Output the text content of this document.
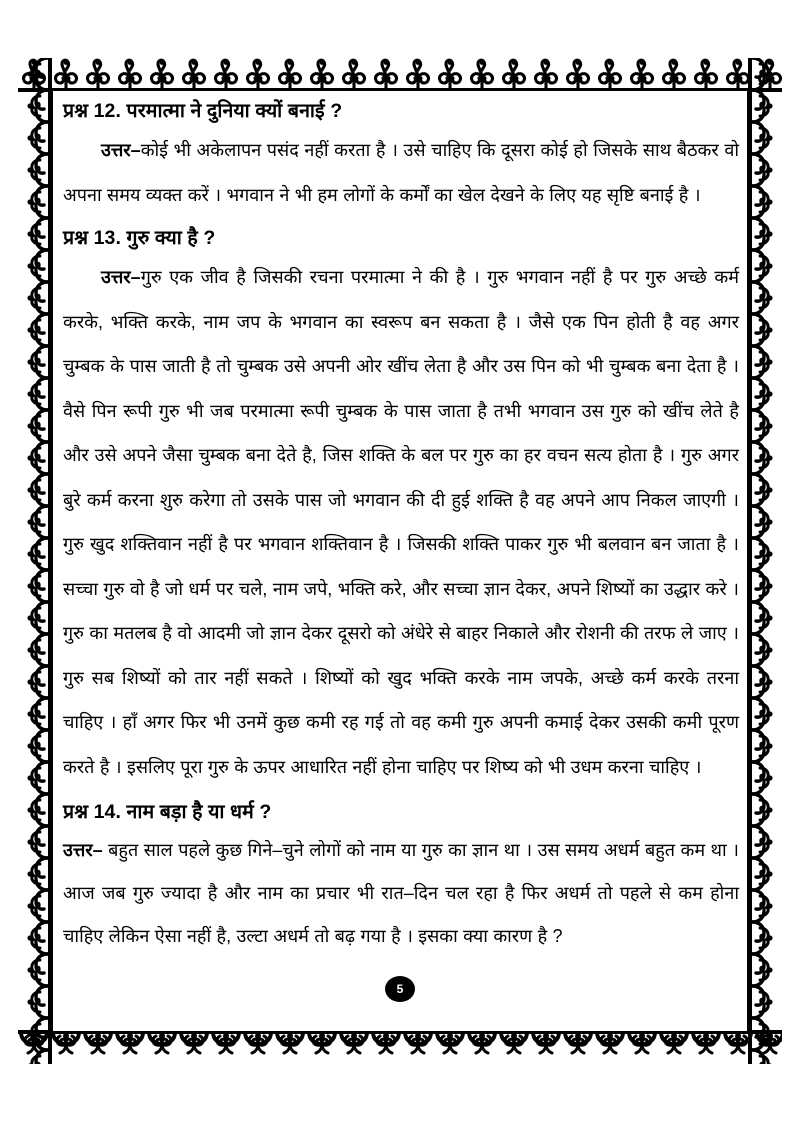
5

प्रश्न 12. परमात्मा ने दुनिया क्यों बनाई ?

उत्तर–कोई भी अकेलापन पसंद नहीं करता है । उसे चाहिए कि दूसरा कोई हो जिसके साथ बैठकर वो अपना समय व्यक्त करें । भगवान ने भी हम लोगों के कर्मों का खेल देखने के लिए यह सृष्टि बनाई है ।

प्रश्न 13. गुरु क्या है ?

उत्तर–गुरु एक जीव है जिसकी रचना परमात्मा ने की है । गुरु भगवान नहीं है पर गुरु अच्छे कर्म करके, भक्ति करके, नाम जप के भगवान का स्वरूप बन सकता है । जैसे एक पिन होती है वह अगर चुम्बक के पास जाती है तो चुम्बक उसे अपनी ओर खींच लेता है और उस पिन को भी चुम्बक बना देता है । वैसे पिन रूपी गुरु भी जब परमात्मा रूपी चुम्बक के पास जाता है तभी भगवान उस गुरु को खींच लेते है और उसे अपने जैसा चुम्बक बना देते है, जिस शक्ति के बल पर गुरु का हर वचन सत्य होता है । गुरु अगर बुरे कर्म करना शुरु करेगा तो उसके पास जो भगवान की दी हुई शक्ति है वह अपने आप निकल जाएगी । गुरु खुद शक्तिवान नहीं है पर भगवान शक्तिवान है । जिसकी शक्ति पाकर गुरु भी बलवान बन जाता है । सच्चा गुरु वो है जो धर्म पर चले, नाम जपे, भक्ति करे, और सच्चा ज्ञान देकर, अपने शिष्यों का उद्धार करे । गुरु का मतलब है वो आदमी जो ज्ञान देकर दूसरो को अंधेरे से बाहर निकाले और रोशनी की तरफ ले जाए । गुरु सब शिष्यों को तार नहीं सकते । शिष्यों को खुद भक्ति करके नाम जपके, अच्छे कर्म करके तरना चाहिए । हाँ अगर फिर भी उनमें कुछ कमी रह गई तो वह कमी गुरु अपनी कमाई देकर उसकी कमी पूरण करते है । इसलिए पूरा गुरु के ऊपर आधारित नहीं होना चाहिए पर शिष्य को भी उधम करना चाहिए ।

प्रश्न 14. नाम बड़ा है या धर्म ?

उत्तर– बहुत साल पहले कुछ गिने–चुने लोगों को नाम या गुरु का ज्ञान था । उस समय अधर्म बहुत कम था । आज जब गुरु ज्यादा है और नाम का प्रचार भी रात–दिन चल रहा है फिर अधर्म तो पहले से कम होना चाहिए लेकिन ऐसा नहीं है, उल्टा अधर्म तो बढ़ गया है । इसका क्या कारण है ?
